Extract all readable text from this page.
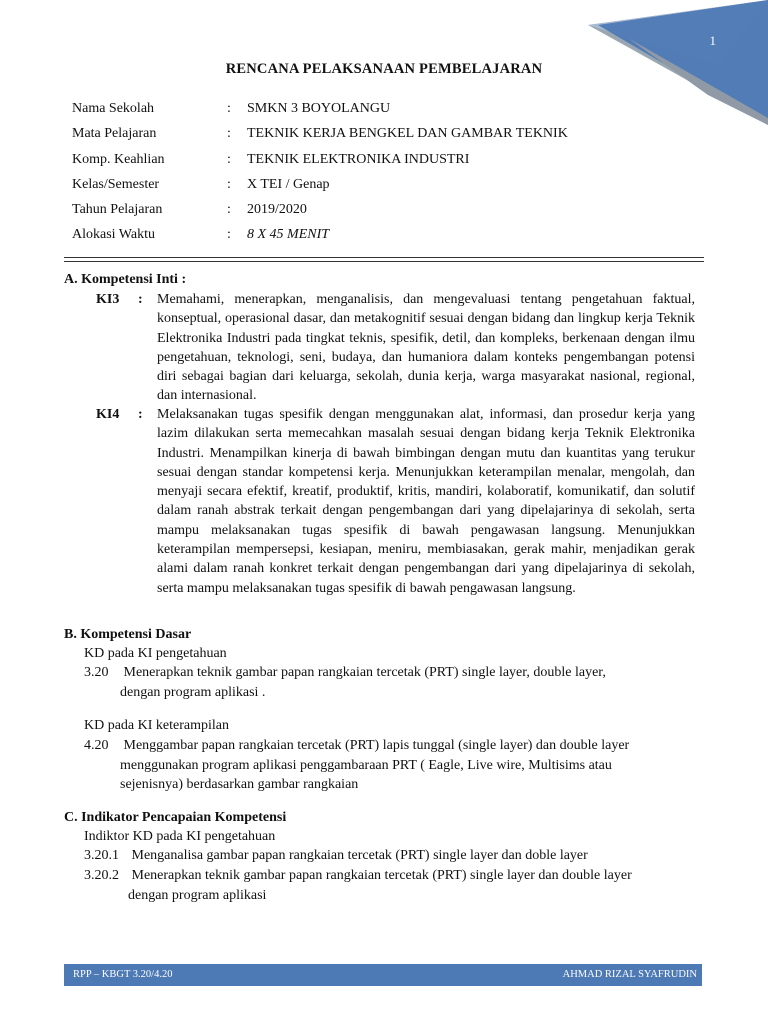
1
RENCANA PELAKSANAAN PEMBELAJARAN
Nama Sekolah	: SMKN 3 BOYOLANGU
Mata Pelajaran	: TEKNIK KERJA BENGKEL DAN GAMBAR TEKNIK
Komp. Keahlian	: TEKNIK ELEKTRONIKA INDUSTRI
Kelas/Semester	: X TEI / Genap
Tahun Pelajaran	: 2019/2020
Alokasi Waktu	: 8 X 45 MENIT
A. Kompetensi Inti :
KI3 : Memahami, menerapkan, menganalisis, dan mengevaluasi tentang pengetahuan faktual, konseptual, operasional dasar, dan metakognitif sesuai dengan bidang dan lingkup kerja Teknik Elektronika Industri pada tingkat teknis, spesifik, detil, dan kompleks, berkenaan dengan ilmu pengetahuan, teknologi, seni, budaya, dan humaniora dalam konteks pengembangan potensi diri sebagai bagian dari keluarga, sekolah, dunia kerja, warga masyarakat nasional, regional, dan internasional.

KI4 : Melaksanakan tugas spesifik dengan menggunakan alat, informasi, dan prosedur kerja yang lazim dilakukan serta memecahkan masalah sesuai dengan bidang kerja Teknik Elektronika Industri. Menampilkan kinerja di bawah bimbingan dengan mutu dan kuantitas yang terukur sesuai dengan standar kompetensi kerja. Menunjukkan keterampilan menalar, mengolah, dan menyaji secara efektif, kreatif, produktif, kritis, mandiri, kolaboratif, komunikatif, dan solutif dalam ranah abstrak terkait dengan pengembangan dari yang dipelajarinya di sekolah, serta mampu melaksanakan tugas spesifik di bawah pengawasan langsung. Menunjukkan keterampilan mempersepsi, kesiapan, meniru, membiasakan, gerak mahir, menjadikan gerak alami dalam ranah konkret terkait dengan pengembangan dari yang dipelajarinya di sekolah, serta mampu melaksanakan tugas spesifik di bawah pengawasan langsung.

B. Kompetensi Dasar
KD pada KI pengetahuan
3.20 Menerapkan teknik gambar papan rangkaian tercetak (PRT) single layer, double layer,
dengan program aplikasi .
KD pada KI keterampilan
4.20 Menggambar papan rangkaian tercetak (PRT) lapis tunggal (single layer) dan double layer
menggunakan program aplikasi penggambaraan PRT ( Eagle, Live wire, Multisims atau
sejenisnya) berdasarkan gambar rangkaian
C. Indikator Pencapaian Kompetensi
Indiktor KD pada KI pengetahuan
3.20.1 Menganalisa gambar papan rangkaian tercetak (PRT) single layer dan doble layer
3.20.2 Menerapkan teknik gambar papan rangkaian tercetak (PRT) single layer dan double layer
dengan program aplikasi
RPP – KBGT 3.20/4.20	AHMAD RIZAL SYAFRUDIN
